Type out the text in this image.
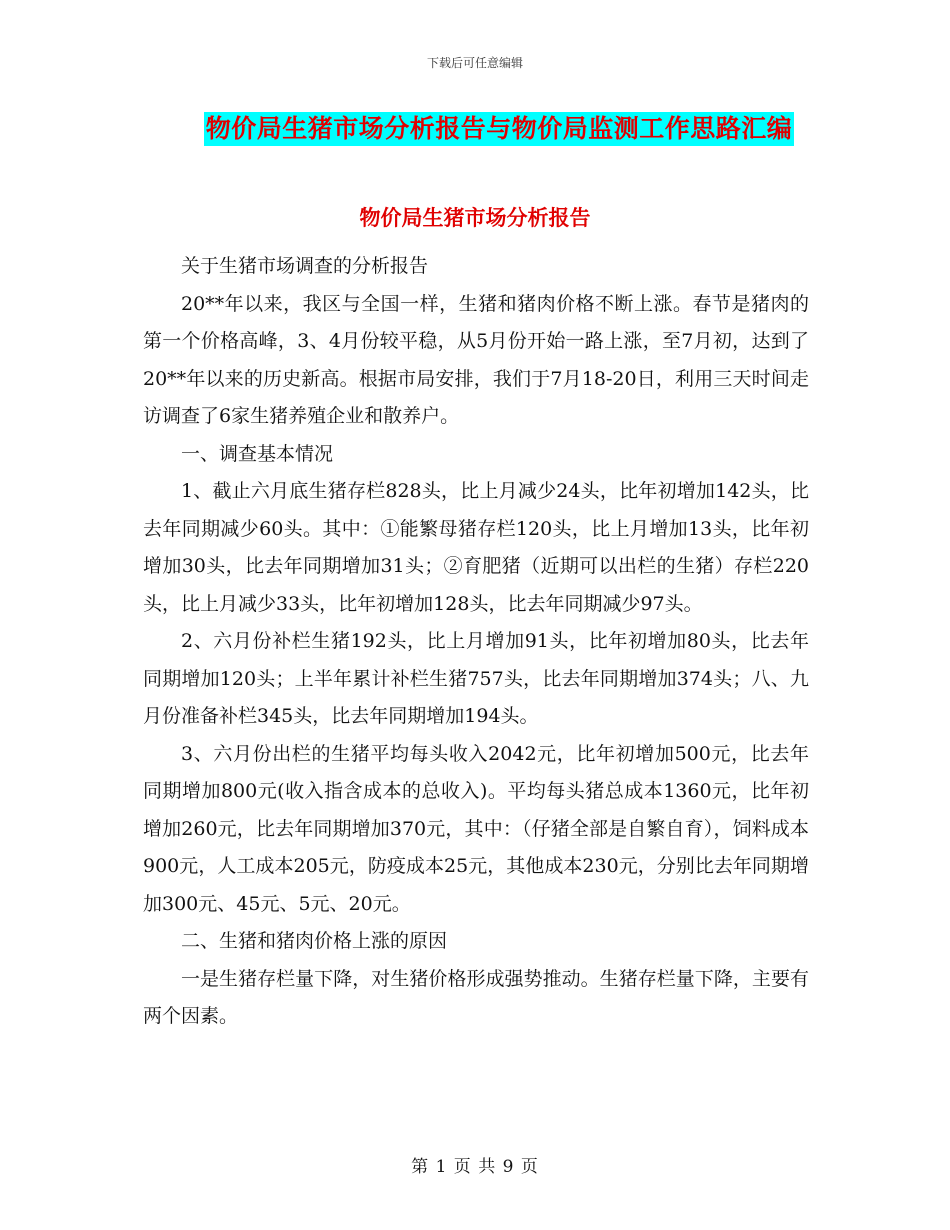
下载后可任意编辑
物价局生猪市场分析报告与物价局监测工作思路汇编
物价局生猪市场分析报告

关于生猪市场调查的分析报告

20**年以来，我区与全国一样，生猪和猪肉价格不断上涨。春节是猪肉的第一个价格高峰，3、4月份较平稳，从5月份开始一路上涨，至7月初，达到了20**年以来的历史新高。根据市局安排，我们于7月18-20日，利用三天时间走访调查了6家生猪养殖企业和散养户。

一、调查基本情况

1、截止六月底生猪存栏828头，比上月减少24头，比年初增加142头，比去年同期减少60头。其中：①能繁母猪存栏120头，比上月增加13头，比年初增加30头，比去年同期增加31头；②育肥猪（近期可以出栏的生猪）存栏220头，比上月减少33头，比年初增加128头，比去年同期减少97头。

2、六月份补栏生猪192头，比上月增加91头，比年初增加80头，比去年同期增加120头；上半年累计补栏生猪757头，比去年同期增加374头；八、九月份准备补栏345头，比去年同期增加194头。

3、六月份出栏的生猪平均每头收入2042元，比年初增加500元，比去年同期增加800元(收入指含成本的总收入)。平均每头猪总成本1360元，比年初增加260元，比去年同期增加370元，其中：（仔猪全部是自繁自育），饲料成本900元，人工成本205元，防疫成本25元，其他成本230元，分别比去年同期增加300元、45元、5元、20元。

二、生猪和猪肉价格上涨的原因

一是生猪存栏量下降，对生猪价格形成强势推动。生猪存栏量下降，主要有两个因素。

第 1 页 共 9 页
